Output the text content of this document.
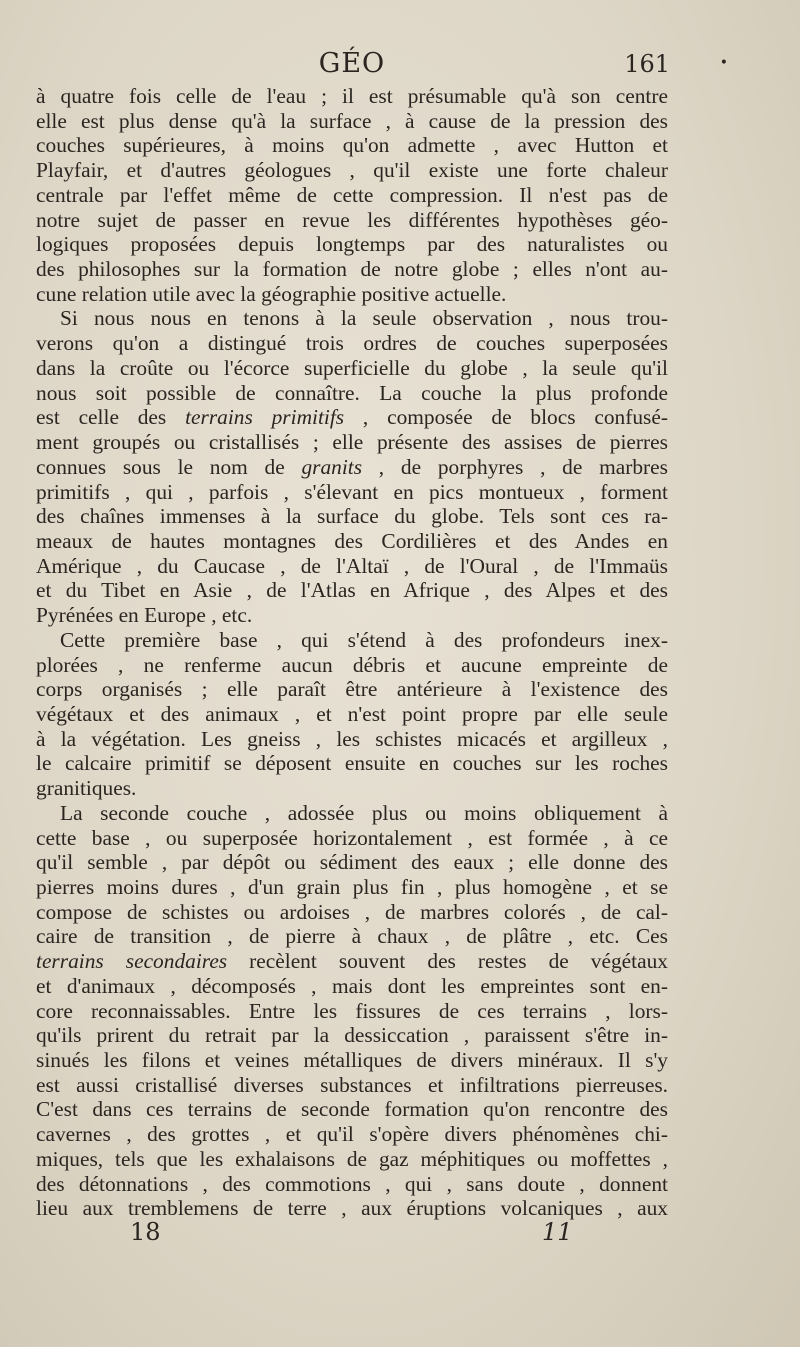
•
GÉO	161
à quatre fois celle de l'eau ; il est présumable qu'à son centre
elle est plus dense qu'à la surface , à cause de la pression des
couches supérieures, à moins qu'on admette , avec Hutton et
Playfair, et d'autres géologues , qu'il existe une forte chaleur
centrale par l'effet même de cette compression. Il n'est pas de
notre sujet de passer en revue les différentes hypothèses géo-
logiques proposées depuis longtemps par des naturalistes ou
des philosophes sur la formation de notre globe ; elles n'ont au-
cune relation utile avec la géographie positive actuelle.
Si nous nous en tenons à la seule observation , nous trou-
verons qu'on a distingué trois ordres de couches superposées
dans la croûte ou l'écorce superficielle du globe , la seule qu'il
nous soit possible de connaître. La couche la plus profonde
est celle des terrains primitifs , composée de blocs confusé-
ment groupés ou cristallisés ; elle présente des assises de pierres
connues sous le nom de granits , de porphyres , de marbres
primitifs , qui , parfois , s'élevant en pics montueux , forment
des chaînes immenses à la surface du globe. Tels sont ces ra-
meaux de hautes montagnes des Cordilières et des Andes en
Amérique , du Caucase , de l'Altaï , de l'Oural , de l'Immaüs
et du Tibet en Asie , de l'Atlas en Afrique , des Alpes et des
Pyrénées en Europe , etc.
Cette première base , qui s'étend à des profondeurs inex-
plorées , ne renferme aucun débris et aucune empreinte de
corps organisés ; elle paraît être antérieure à l'existence des
végétaux et des animaux , et n'est point propre par elle seule
à la végétation. Les gneiss , les schistes micacés et argilleux ,
le calcaire primitif se déposent ensuite en couches sur les roches
granitiques.
La seconde couche , adossée plus ou moins obliquement à
cette base , ou superposée horizontalement , est formée , à ce
qu'il semble , par dépôt ou sédiment des eaux ; elle donne des
pierres moins dures , d'un grain plus fin , plus homogène , et se
compose de schistes ou ardoises , de marbres colorés , de cal-
caire de transition , de pierre à chaux , de plâtre , etc. Ces
terrains secondaires recèlent souvent des restes de végétaux
et d'animaux , décomposés , mais dont les empreintes sont en-
core reconnaissables. Entre les fissures de ces terrains , lors-
qu'ils prirent du retrait par la dessiccation , paraissent s'être in-
sinués les filons et veines métalliques de divers minéraux. Il s'y
est aussi cristallisé diverses substances et infiltrations pierreuses.
C'est dans ces terrains de seconde formation qu'on rencontre des
cavernes , des grottes , et qu'il s'opère divers phénomènes chi-
miques, tels que les exhalaisons de gaz méphitiques ou moffettes ,
des détonnations , des commotions , qui , sans doute , donnent
lieu aux tremblemens de terre , aux éruptions volcaniques , aux
18	11
